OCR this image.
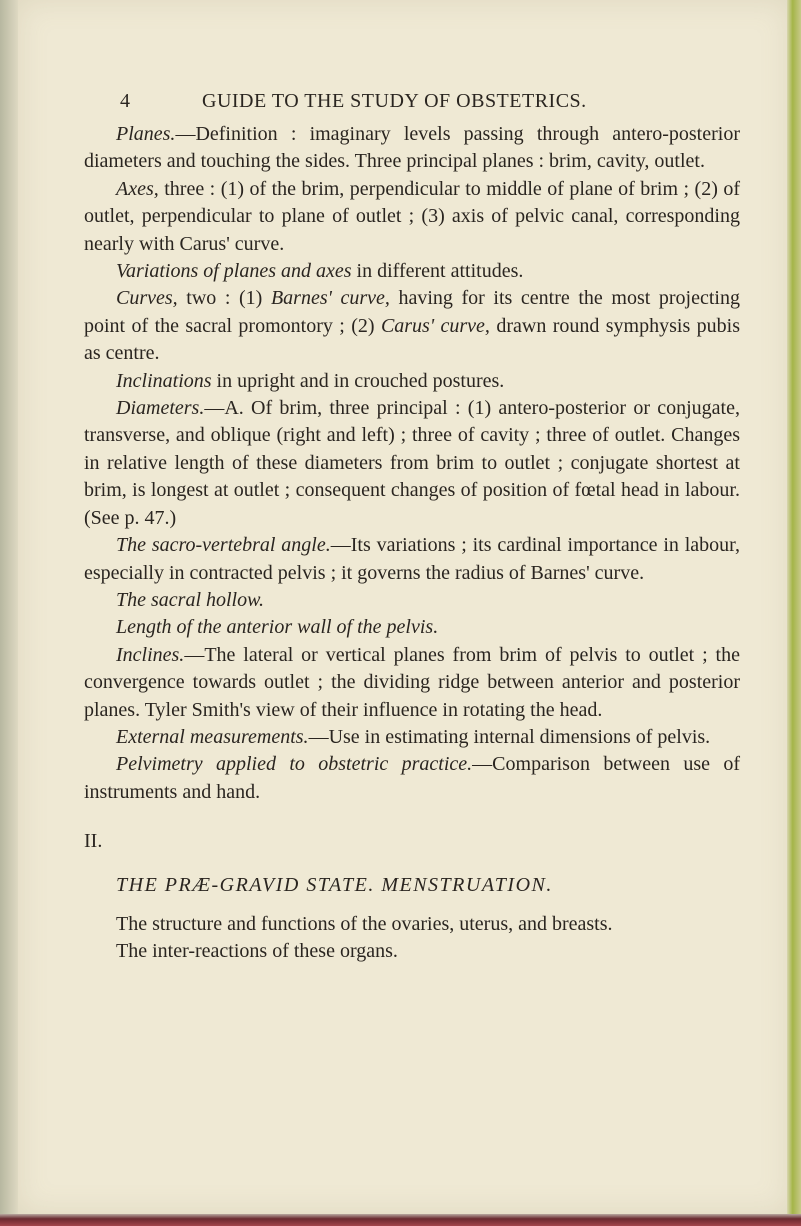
4	GUIDE TO THE STUDY OF OBSTETRICS.

Planes.—Definition : imaginary levels passing through antero-posterior diameters and touching the sides. Three principal planes : brim, cavity, outlet.

Axes, three : (1) of the brim, perpendicular to middle of plane of brim ; (2) of outlet, perpendicular to plane of outlet ; (3) axis of pelvic canal, corresponding nearly with Carus' curve.

Variations of planes and axes in different attitudes.

Curves, two : (1) Barnes' curve, having for its centre the most projecting point of the sacral promontory ; (2) Carus' curve, drawn round symphysis pubis as centre.

Inclinations in upright and in crouched postures.

Diameters.—A. Of brim, three principal : (1) antero-posterior or conjugate, transverse, and oblique (right and left) ; three of cavity ; three of outlet. Changes in relative length of these diameters from brim to outlet ; conjugate shortest at brim, is longest at outlet ; consequent changes of position of fœtal head in labour. (See p. 47.)

The sacro-vertebral angle.—Its variations ; its cardinal importance in labour, especially in contracted pelvis ; it governs the radius of Barnes' curve.

The sacral hollow.

Length of the anterior wall of the pelvis.

Inclines.—The lateral or vertical planes from brim of pelvis to outlet ; the convergence towards outlet ; the dividing ridge between anterior and posterior planes. Tyler Smith's view of their influence in rotating the head.

External measurements.—Use in estimating internal dimensions of pelvis.

Pelvimetry applied to obstetric practice.—Comparison between use of instruments and hand.

II.

THE PRÆ-GRAVID STATE. MENSTRUATION.

The structure and functions of the ovaries, uterus, and breasts.

The inter-reactions of these organs.
